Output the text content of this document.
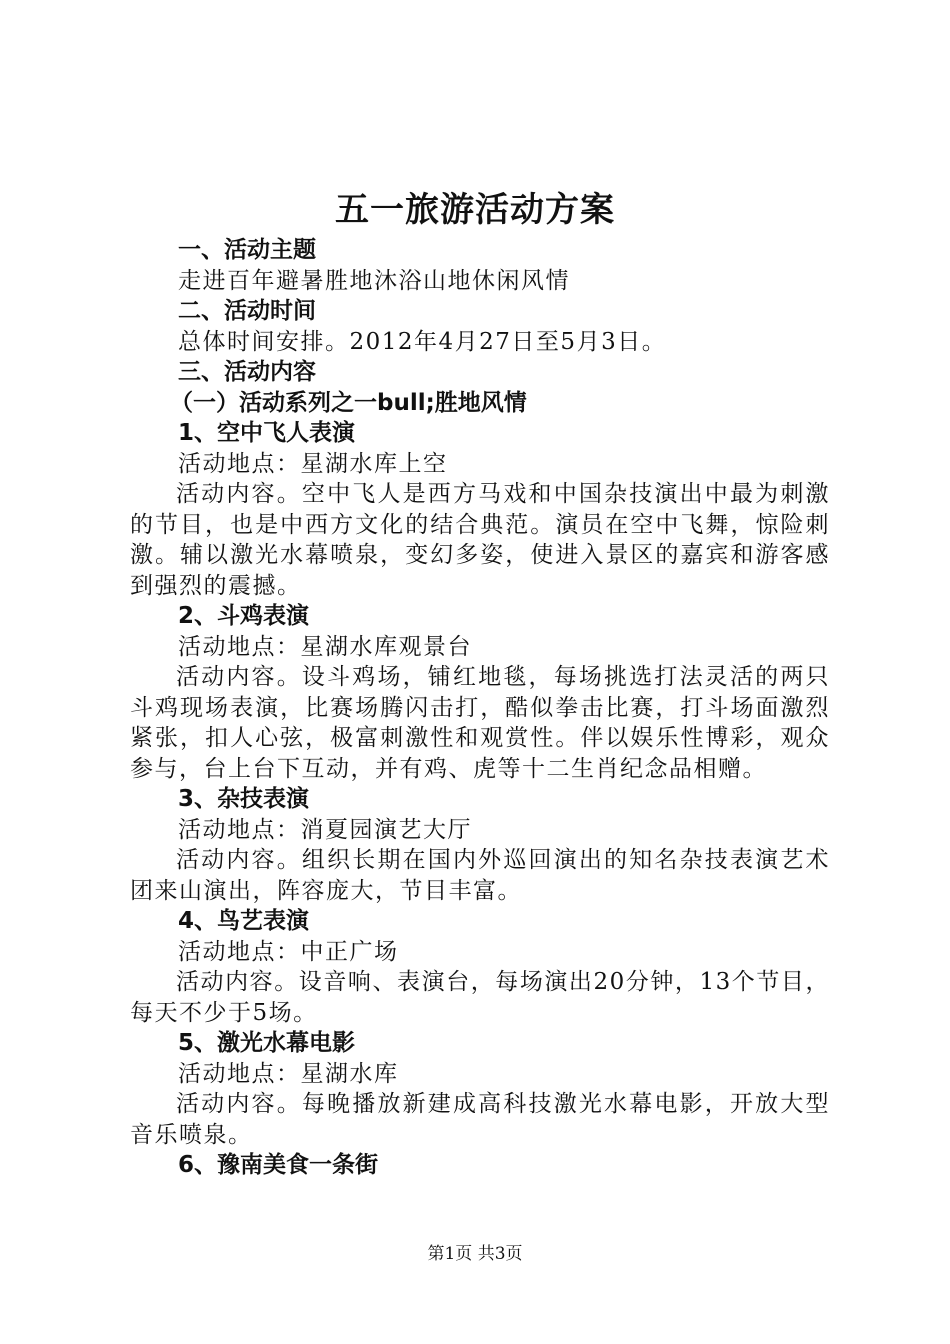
五一旅游活动方案
一、活动主题
走进百年避暑胜地沐浴山地休闲风情
二、活动时间
总体时间安排。2012年4月27日至5月3日。
三、活动内容
（一）活动系列之一bull;胜地风情
1、空中飞人表演
活动地点：星湖水库上空
活动内容。空中飞人是西方马戏和中国杂技演出中最为刺激的节目，也是中西方文化的结合典范。演员在空中飞舞，惊险刺激。辅以激光水幕喷泉，变幻多姿，使进入景区的嘉宾和游客感到强烈的震撼。
2、斗鸡表演
活动地点：星湖水库观景台
活动内容。设斗鸡场，铺红地毯，每场挑选打法灵活的两只斗鸡现场表演，比赛场腾闪击打，酷似拳击比赛，打斗场面激烈紧张，扣人心弦，极富刺激性和观赏性。伴以娱乐性博彩，观众参与，台上台下互动，并有鸡、虎等十二生肖纪念品相赠。
3、杂技表演
活动地点：消夏园演艺大厅
活动内容。组织长期在国内外巡回演出的知名杂技表演艺术团来山演出，阵容庞大，节目丰富。
4、鸟艺表演
活动地点：中正广场
活动内容。设音响、表演台，每场演出20分钟，13个节目，每天不少于5场。
5、激光水幕电影
活动地点：星湖水库
活动内容。每晚播放新建成高科技激光水幕电影，开放大型音乐喷泉。
6、豫南美食一条街
第1页 共3页
